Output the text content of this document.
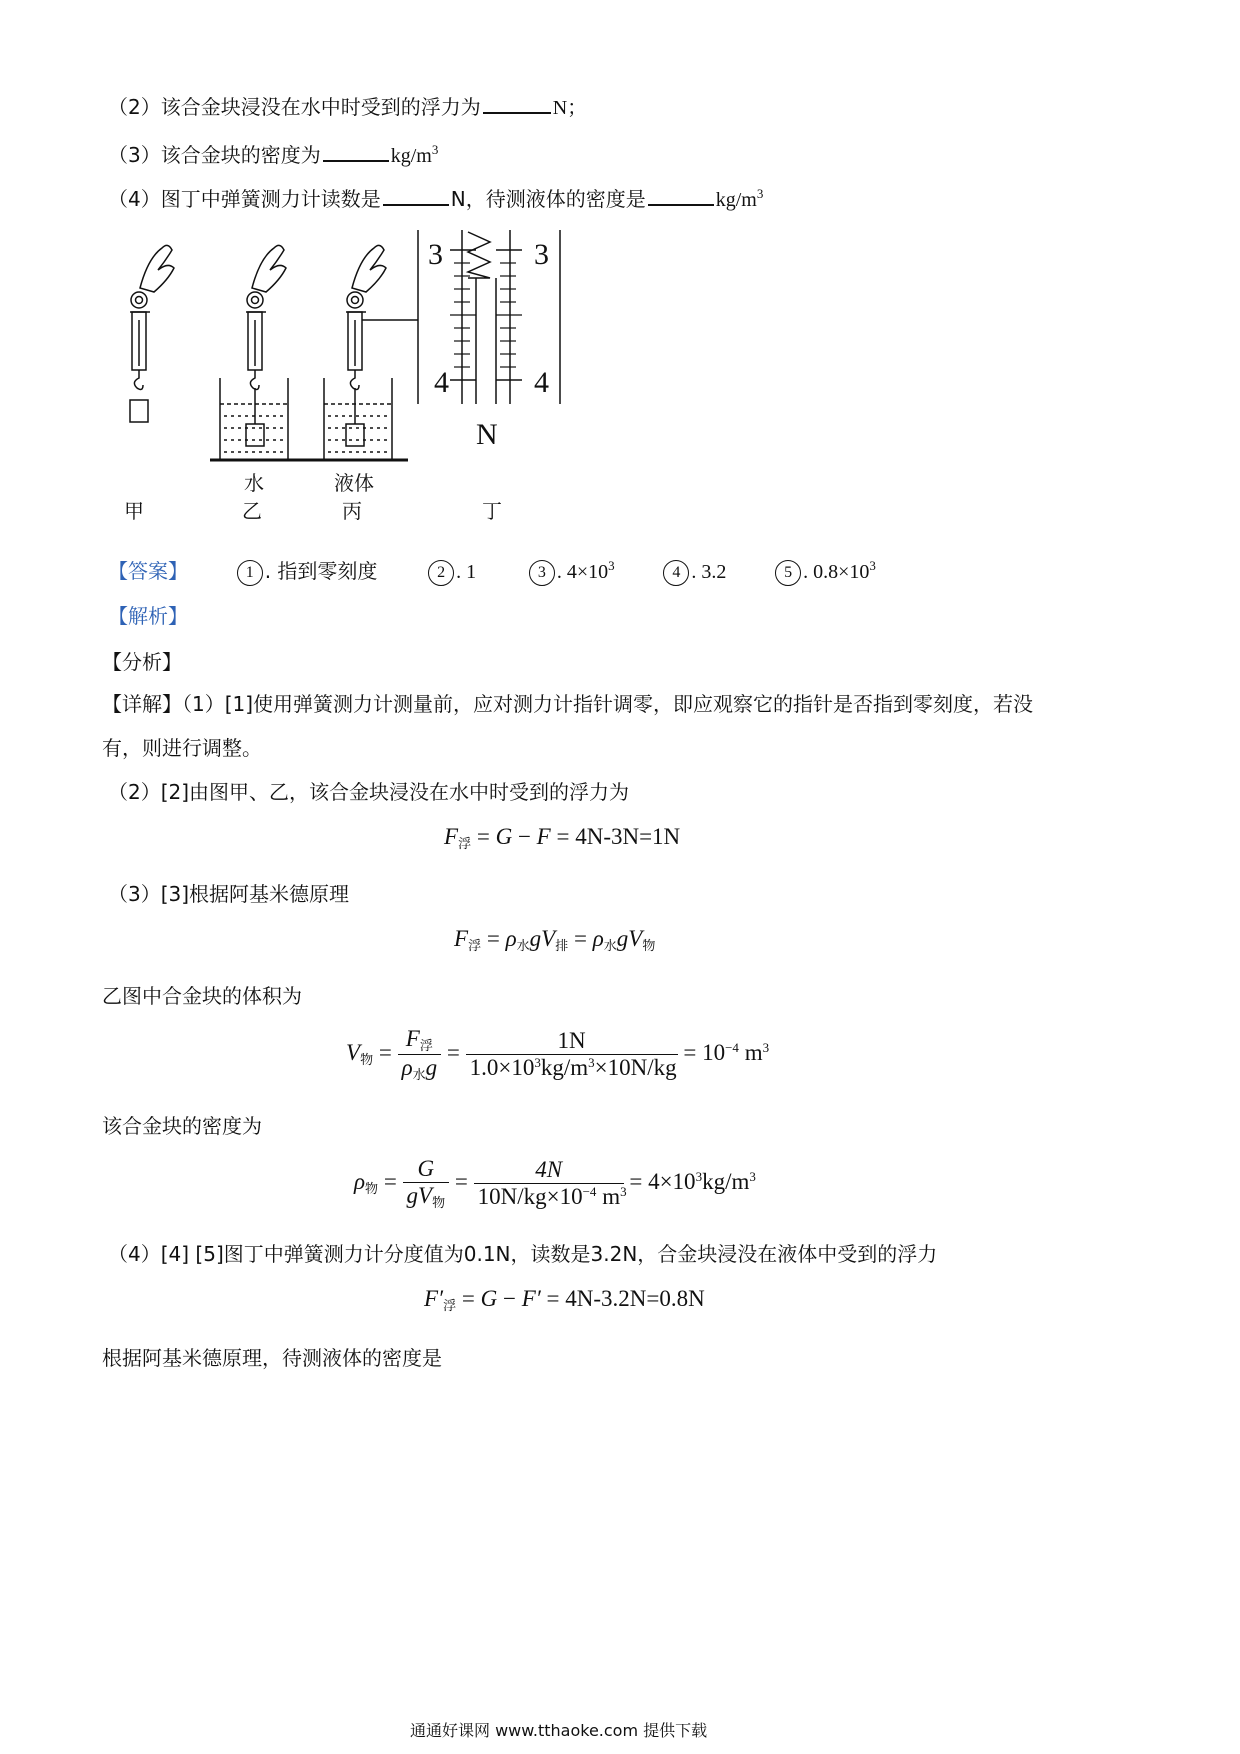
（2）该合金块浸没在水中时受到的浮力为	N；
（3）该合金块的密度为	$kg/m^3$
（4）图丁中弹簧测力计读数是	N，待测液体的密度是	$kg/m^3$
3	3
4	4
N
水	液体
甲	乙	丙	丁
【答案】	1 . 指到零刻度	2 . 1	3 . $4\times 10^3$	4 . 3.2	5 . $0.8\times 10^3$
【解析】
【分析】
【详解】（1）[1]使用弹簧测力计测量前，应对测力计指针调零，即应观察它的指针是否指到零刻度，若没
有，则进行调整。
（2）[2]由图甲、乙，该合金块浸没在水中时受到的浮力为
$F_浮 = G - F = 4N-3N=1N$
（3）[3]根据阿基米德原理
$F_浮 = \rho_水gV_排 = \rho_水gV_物$
乙图中合金块的体积为
$V_物 = \frac{F_浮}{\rho_水g} = \frac{1N}{1.0\times 10^3kg/m^3\times 10N/kg} = 10^{-4}$ $m^3$
该合金块的密度为
$\rho_物 = \frac{G}{gV_物} = \frac{4N}{10N/kg\times 10^{-4} m^3} = 4\times 10^3kg/m^3$
（4）[4] [5]图丁中弹簧测力计分度值为0.1N，读数是3.2N，合金块浸没在液体中受到的浮力
$F'_浮 = G - F' = 4N-3.2N=0.8N$
根据阿基米德原理，待测液体的密度是
通通好课网 www.tthaoke.com 提供下载
